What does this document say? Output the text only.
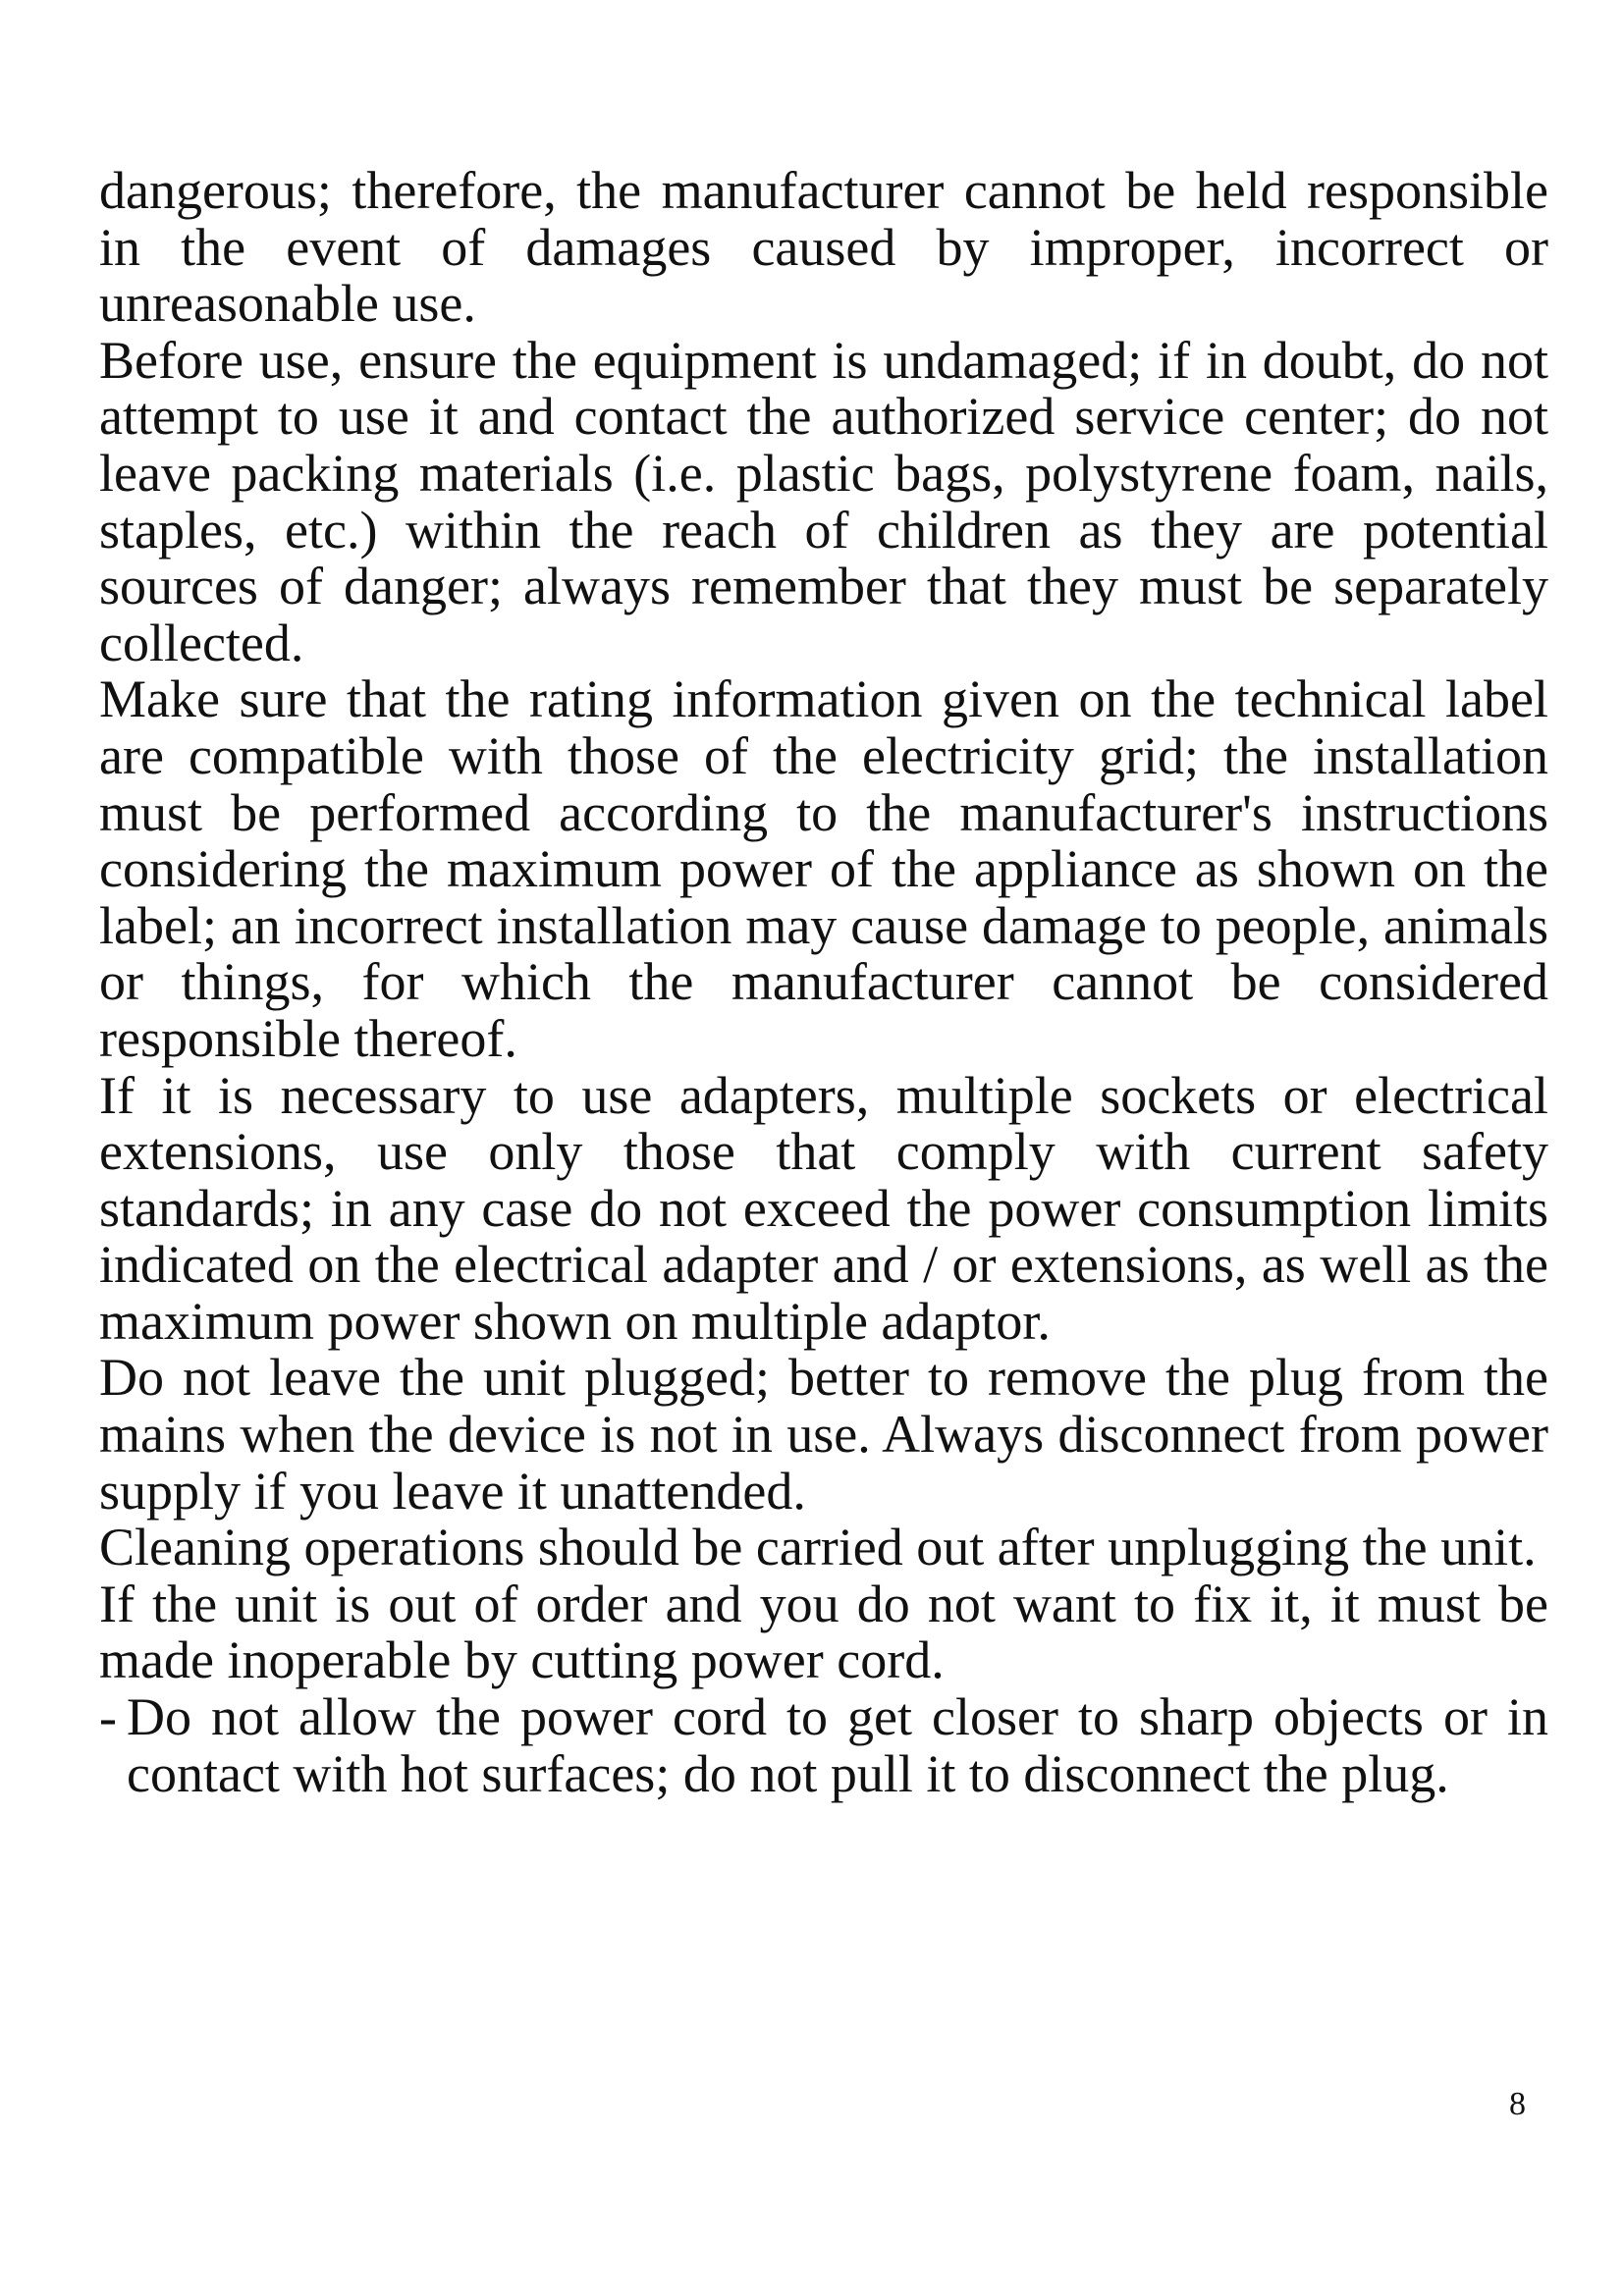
dangerous; therefore, the manufacturer cannot be held responsible in the event of damages caused by improper, incorrect or unreasonable use.

Before use, ensure the equipment is undamaged; if in doubt, do not attempt to use it and contact the authorized service center; do not leave packing materials (i.e. plastic bags, polystyrene foam, nails, staples, etc.) within the reach of children as they are potential sources of danger; always remember that they must be separately collected.

Make sure that the rating information given on the technical label are compatible with those of the electricity grid; the installation must be performed according to the manufacturer's instructions considering the maximum power of the appliance as shown on the label; an incorrect installation may cause damage to people, animals or things, for which the manufacturer cannot be considered responsible thereof.

If it is necessary to use adapters, multiple sockets or electrical extensions, use only those that comply with current safety standards; in any case do not exceed the power consumption limits indicated on the electrical adapter and / or extensions, as well as the maximum power shown on multiple adaptor.

Do not leave the unit plugged; better to remove the plug from the mains when the device is not in use. Always disconnect from power supply if you leave it unattended.

Cleaning operations should be carried out after unplugging the unit.

If the unit is out of order and you do not want to fix it, it must be made inoperable by cutting power cord.

- Do not allow the power cord to get closer to sharp objects or in contact with hot surfaces; do not pull it to disconnect the plug.
8
